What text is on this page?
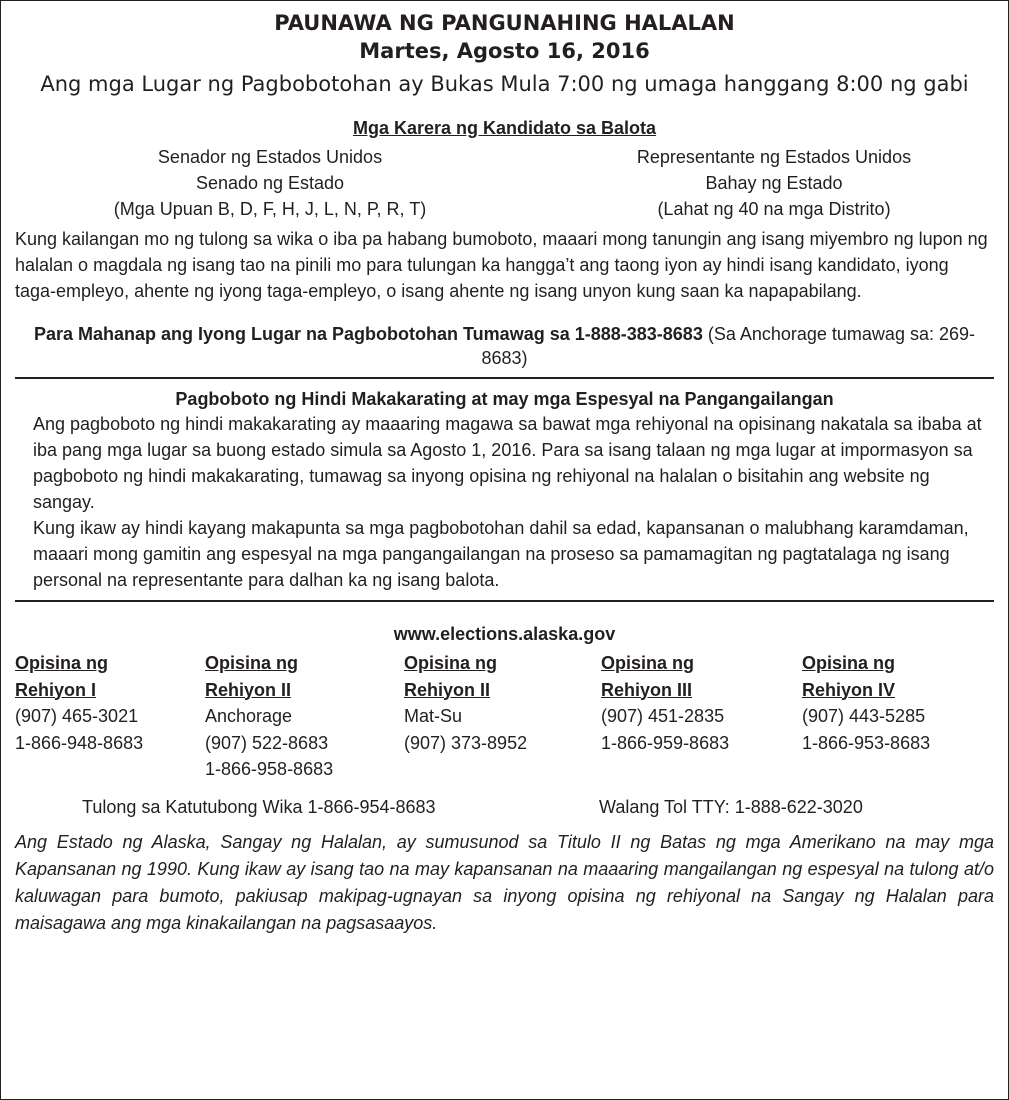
PAUNAWA NG PANGUNAHING HALALAN
Martes, Agosto 16, 2016
Ang mga Lugar ng Pagbobotohan ay Bukas Mula 7:00 ng umaga hanggang 8:00 ng gabi
Mga Karera ng Kandidato sa Balota
Senador ng Estados Unidos
Senado ng Estado
(Mga Upuan B, D, F, H, J, L, N, P, R, T)
Representante ng Estados Unidos
Bahay ng Estado
(Lahat ng 40 na mga Distrito)
Kung kailangan mo ng tulong sa wika o iba pa habang bumoboto, maaari mong tanungin ang isang miyembro ng lupon ng halalan o magdala ng isang tao na pinili mo para tulungan ka hangga’t ang taong iyon ay hindi isang kandidato, iyong taga-empleyo, ahente ng iyong taga-empleyo, o isang ahente ng isang unyon kung saan ka napapabilang.
Para Mahanap ang Iyong Lugar na Pagbobotohan Tumawag sa 1-888-383-8683 (Sa Anchorage tumawag sa: 269-8683)
Pagboboto ng Hindi Makakarating at may mga Espesyal na Pangangailangan
Ang pagboboto ng hindi makakarating ay maaaring magawa sa bawat mga rehiyonal na opisinang nakatala sa ibaba at iba pang mga lugar sa buong estado simula sa Agosto 1, 2016. Para sa isang talaan ng mga lugar at impormasyon sa pagboboto ng hindi makakarating, tumawag sa inyong opisina ng rehiyonal na halalan o bisitahin ang website ng sangay.
Kung ikaw ay hindi kayang makapunta sa mga pagbobotohan dahil sa edad, kapansanan o malubhang karamdaman, maaari mong gamitin ang espesyal na mga pangangailangan na proseso sa pamamagitan ng pagtatalaga ng isang personal na representante para dalhan ka ng isang balota.
www.elections.alaska.gov
Opisina ng
Rehiyon I
(907) 465-3021
1-866-948-8683
Opisina ng
Rehiyon II
Anchorage
(907) 522-8683
1-866-958-8683
Opisina ng
Rehiyon II
Mat-Su
(907) 373-8952
Opisina ng
Rehiyon III
(907) 451-2835
1-866-959-8683
Opisina ng
Rehiyon IV
(907) 443-5285
1-866-953-8683
Tulong sa Katutubong Wika 1-866-954-8683	Walang Tol TTY: 1-888-622-3020
Ang Estado ng Alaska, Sangay ng Halalan, ay sumusunod sa Titulo II ng Batas ng mga Amerikano na may mga Kapansanan ng 1990. Kung ikaw ay isang tao na may kapansanan na maaaring mangailangan ng espesyal na tulong at/o kaluwagan para bumoto, pakiusap makipag-ugnayan sa inyong opisina ng rehiyonal na Sangay ng Halalan para maisagawa ang mga kinakailangan na pagsasaayos.
